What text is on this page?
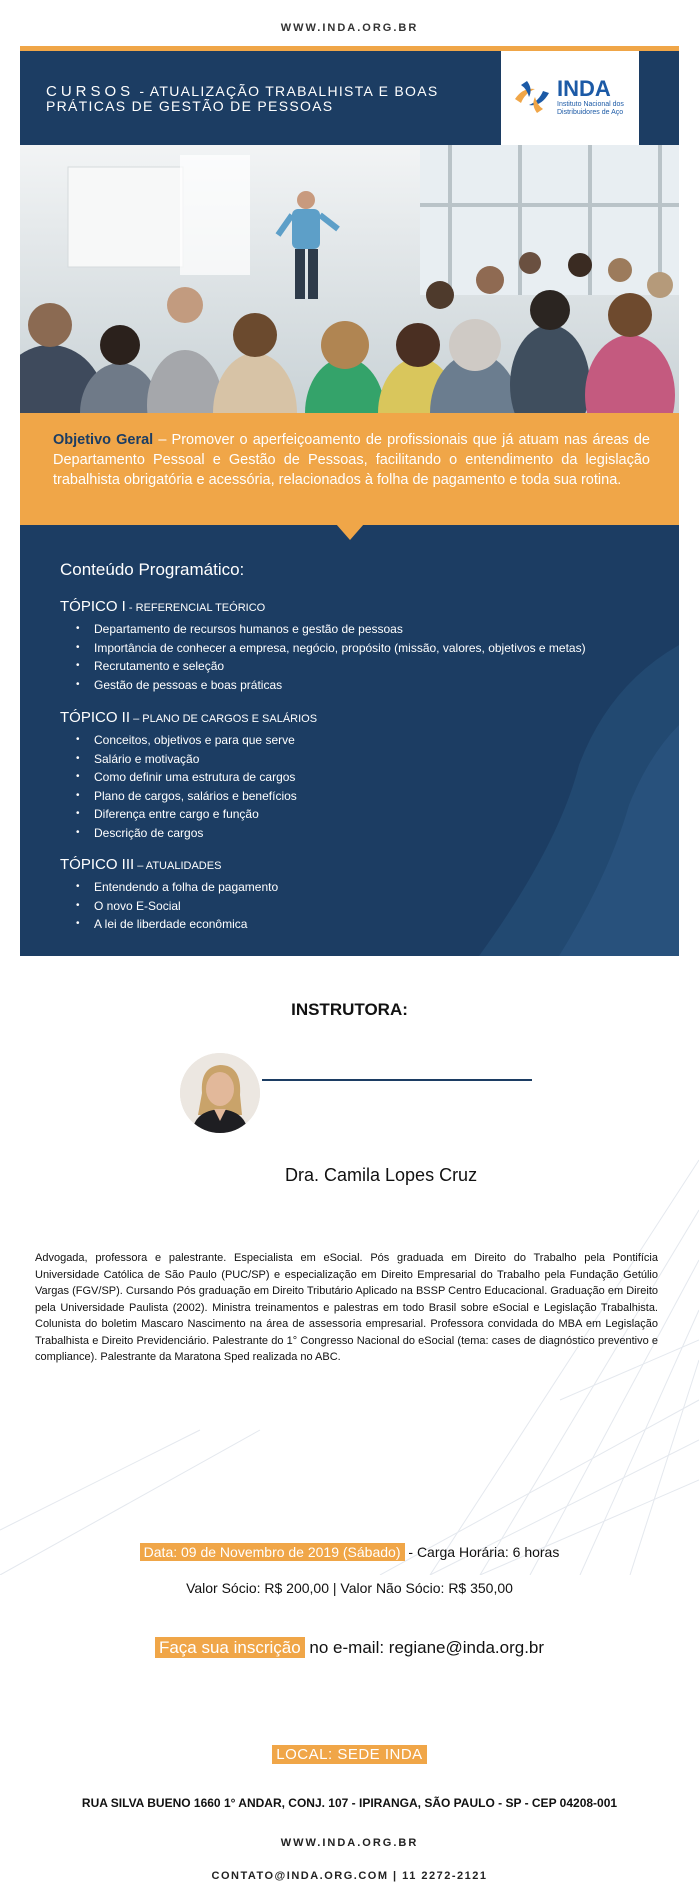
WWW.INDA.ORG.BR
CURSOS - ATUALIZAÇÃO TRABALHISTA E BOAS PRÁTICAS DE GESTÃO DE PESSOAS
INDA
Instituto Nacional dos Distribuidores de Aço

Objetivo Geral – Promover o aperfeiçoamento de profissionais que já atuam nas áreas de Departamento Pessoal e Gestão de Pessoas, facilitando o entendimento da legislação trabalhista obrigatória e acessória, relacionados à folha de pagamento e toda sua rotina.

Conteúdo Programático:
TÓPICO I - REFERENCIAL TEÓRICO
• Departamento de recursos humanos e gestão de pessoas
• Importância de conhecer a empresa, negócio, propósito (missão, valores, objetivos e metas)
• Recrutamento e seleção
• Gestão de pessoas e boas práticas
TÓPICO II – PLANO DE CARGOS E SALÁRIOS
• Conceitos, objetivos e para que serve
• Salário e motivação
• Como definir uma estrutura de cargos
• Plano de cargos, salários e benefícios
• Diferença entre cargo e função
• Descrição de cargos
TÓPICO III – ATUALIDADES
• Entendendo a folha de pagamento
• O novo E-Social
• A lei de liberdade econômica
INSTRUTORA:
Dra. Camila Lopes Cruz

Advogada, professora e palestrante. Especialista em eSocial. Pós graduada em Direito do Trabalho pela Pontifícia Universidade Católica de São Paulo (PUC/SP) e especialização em Direito Empresarial do Trabalho pela Fundação Getúlio Vargas (FGV/SP). Cursando Pós graduação em Direito Tributário Aplicado na BSSP Centro Educacional. Graduação em Direito pela Universidade Paulista (2002). Ministra treinamentos e palestras em todo Brasil sobre eSocial e Legislação Trabalhista. Colunista do boletim Mascaro Nascimento na área de assessoria empresarial. Professora convidada do MBA em Legislação Trabalhista e Direito Previdenciário. Palestrante do 1° Congresso Nacional do eSocial (tema: cases de diagnóstico preventivo e compliance). Palestrante da Maratona Sped realizada no ABC.

Data: 09 de Novembro de 2019 (Sábado) - Carga Horária: 6 horas
Valor Sócio: R$ 200,00 | Valor Não Sócio: R$ 350,00
Faça sua inscrição no e-mail: regiane@inda.org.br
LOCAL: SEDE INDA
RUA SILVA BUENO 1660 1° ANDAR, CONJ. 107 - IPIRANGA, SÃO PAULO - SP - CEP 04208-001
WWW.INDA.ORG.BR
CONTATO@INDA.ORG.COM | 11 2272-2121
